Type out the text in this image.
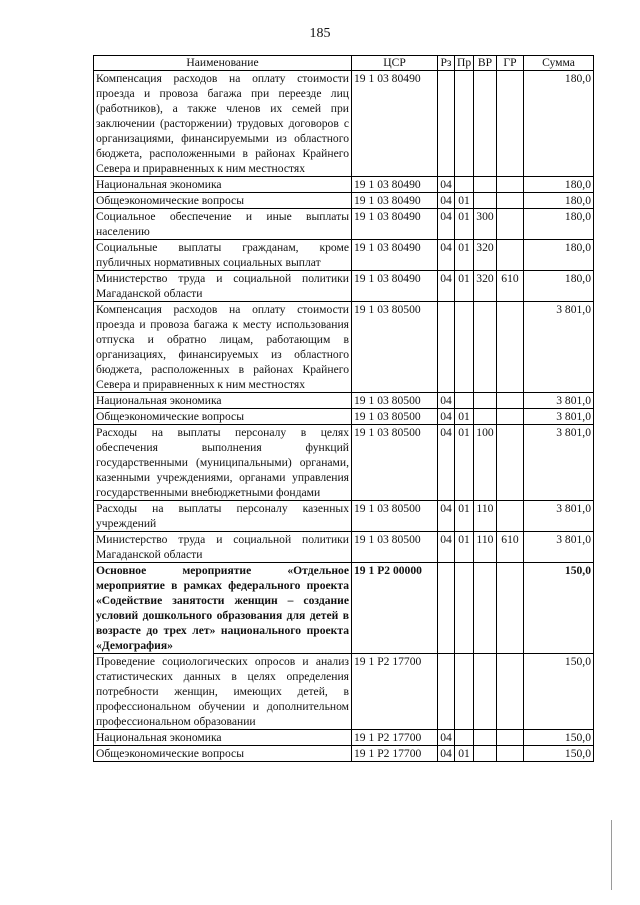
185
Наименование	ЦСР	Рз	Пр	ВР	ГР	Сумма
Компенсация расходов на оплату стоимости проезда и провоза багажа при переезде лиц (работников), а также членов их семей при заключении (расторжении) трудовых договоров с организациями, финансируемыми из областного бюджета, расположенными в районах Крайнего Севера и приравненных к ним местностях	19 1 03 80490					180,0
Национальная экономика	19 1 03 80490	04				180,0
Общеэкономические вопросы	19 1 03 80490	04	01			180,0
Социальное обеспечение и иные выплаты населению	19 1 03 80490	04	01	300		180,0
Социальные выплаты гражданам, кроме публичных нормативных социальных выплат	19 1 03 80490	04	01	320		180,0
Министерство труда и социальной политики Магаданской области	19 1 03 80490	04	01	320	610	180,0
Компенсация расходов на оплату стоимости проезда и провоза багажа к месту использования отпуска и обратно лицам, работающим в организациях, финансируемых из областного бюджета, расположенных в районах Крайнего Севера и приравненных к ним местностях	19 1 03 80500					3 801,0
Национальная экономика	19 1 03 80500	04				3 801,0
Общеэкономические вопросы	19 1 03 80500	04	01			3 801,0
Расходы на выплаты персоналу в целях обеспечения выполнения функций государственными (муниципальными) органами, казенными учреждениями, органами управления государственными внебюджетными фондами	19 1 03 80500	04	01	100		3 801,0
Расходы на выплаты персоналу казенных учреждений	19 1 03 80500	04	01	110		3 801,0
Министерство труда и социальной политики Магаданской области	19 1 03 80500	04	01	110	610	3 801,0
Основное мероприятие «Отдельное мероприятие в рамках федерального проекта «Содействие занятости женщин – создание условий дошкольного образования для детей в возрасте до трех лет» национального проекта «Демография»	19 1 P2 00000					150,0
Проведение социологических опросов и анализ статистических данных в целях определения потребности женщин, имеющих детей, в профессиональном обучении и дополнительном профессиональном образовании	19 1 P2 17700					150,0
Национальная экономика	19 1 P2 17700	04				150,0
Общеэкономические вопросы	19 1 P2 17700	04	01			150,0
